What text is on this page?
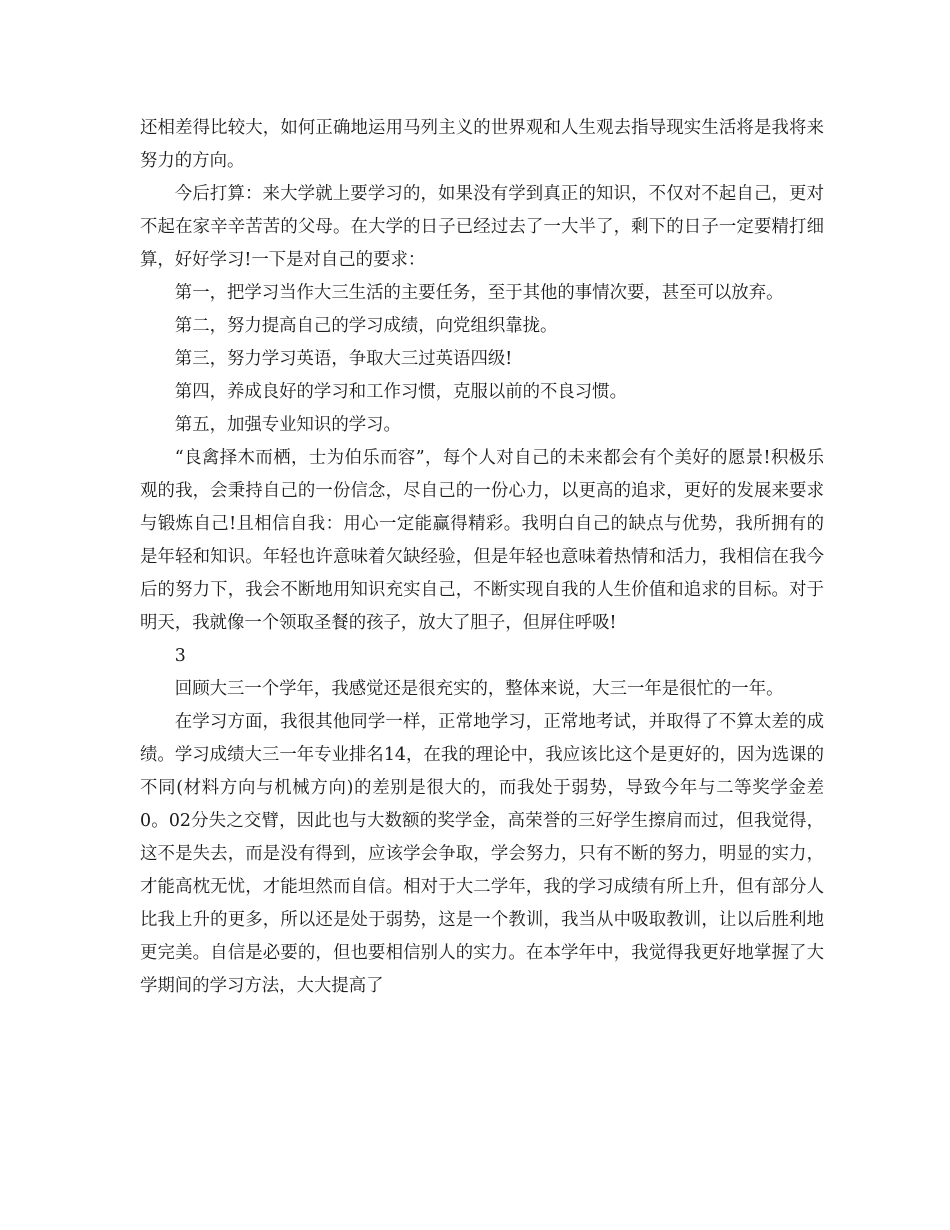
还相差得比较大，如何正确地运用马列主义的世界观和人生观去指导现实生活将是我将来努力的方向。

今后打算：来大学就上要学习的，如果没有学到真正的知识，不仅对不起自己，更对不起在家辛辛苦苦的父母。在大学的日子已经过去了一大半了，剩下的日子一定要精打细算，好好学习!一下是对自己的要求：

第一，把学习当作大三生活的主要任务，至于其他的事情次要，甚至可以放弃。

第二，努力提高自己的学习成绩，向党组织靠拢。

第三，努力学习英语，争取大三过英语四级!

第四，养成良好的学习和工作习惯，克服以前的不良习惯。

第五，加强专业知识的学习。

“良禽择木而栖，士为伯乐而容”，每个人对自己的未来都会有个美好的愿景!积极乐观的我，会秉持自己的一份信念，尽自己的一份心力，以更高的追求，更好的发展来要求与锻炼自己!且相信自我：用心一定能赢得精彩。我明白自己的缺点与优势，我所拥有的是年轻和知识。年轻也许意味着欠缺经验，但是年轻也意味着热情和活力，我相信在我今后的努力下，我会不断地用知识充实自己，不断实现自我的人生价值和追求的目标。对于明天，我就像一个领取圣餐的孩子，放大了胆子，但屏住呼吸!

3

回顾大三一个学年，我感觉还是很充实的，整体来说，大三一年是很忙的一年。

在学习方面，我很其他同学一样，正常地学习，正常地考试，并取得了不算太差的成绩。学习成绩大三一年专业排名14，在我的理论中，我应该比这个是更好的，因为选课的不同(材料方向与机械方向)的差别是很大的，而我处于弱势，导致今年与二等奖学金差0。02分失之交臂，因此也与大数额的奖学金，高荣誉的三好学生擦肩而过，但我觉得，这不是失去，而是没有得到，应该学会争取，学会努力，只有不断的努力，明显的实力，才能高枕无忧，才能坦然而自信。相对于大二学年，我的学习成绩有所上升，但有部分人比我上升的更多，所以还是处于弱势，这是一个教训，我当从中吸取教训，让以后胜利地更完美。自信是必要的，但也要相信别人的实力。在本学年中，我觉得我更好地掌握了大学期间的学习方法，大大提高了
